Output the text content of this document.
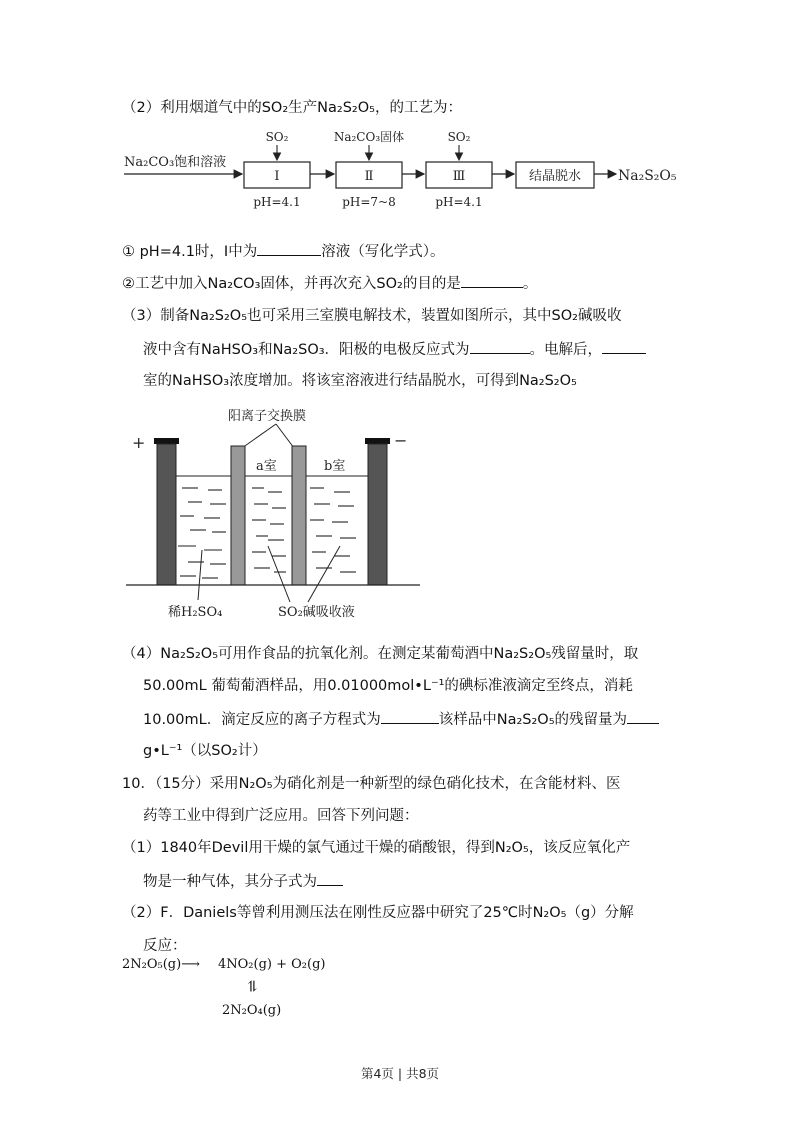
（2）利用烟道气中的SO₂生产Na₂S₂O₅，的工艺为：
Na₂CO₃饱和溶液
Ⅰ
SO₂
pH=4.1
Ⅱ
Na₂CO₃固体
pH=7~8
Ⅲ
SO₂
pH=4.1
结晶脱水	Na₂S₂O₅
① pH=4.1时，Ⅰ中为	溶液（写化学式）。
②工艺中加入Na₂CO₃固体，并再次充入SO₂的目的是	。
（3）制备Na₂S₂O₅也可采用三室膜电解技术，装置如图所示，其中SO₂碱吸收
液中含有NaHSO₃和Na₂SO₃．阳极的电极反应式为	。电解后，
室的NaHSO₃浓度增加。将该室溶液进行结晶脱水，可得到Na₂S₂O₅
阳离子交换膜
+	−
a室	b室
稀H₂SO₄	SO₂碱吸收液
（4）Na₂S₂O₅可用作食品的抗氧化剂。在测定某葡萄酒中Na₂S₂O₅残留量时，取
50.00mL 葡萄葡酒样品，用0.01000mol•L⁻¹的碘标准液滴定至终点，消耗
10.00mL．滴定反应的离子方程式为	该样品中Na₂S₂O₅的残留量为
g•L⁻¹（以SO₂计）
10．（15分）采用N₂O₅为硝化剂是一种新型的绿色硝化技术，在含能材料、医
药等工业中得到广泛应用。回答下列问题：
（1）1840年Devil用干燥的氯气通过干燥的硝酸银，得到N₂O₅，该反应氧化产
物是一种气体，其分子式为
（2）F．Daniels等曾利用测压法在刚性反应器中研究了25℃时N₂O₅（g）分解
反应：
2N₂O₅(g)⟶ 4NO₂(g) + O₂(g)
⇌
2N₂O₄(g)
第4页 | 共8页
